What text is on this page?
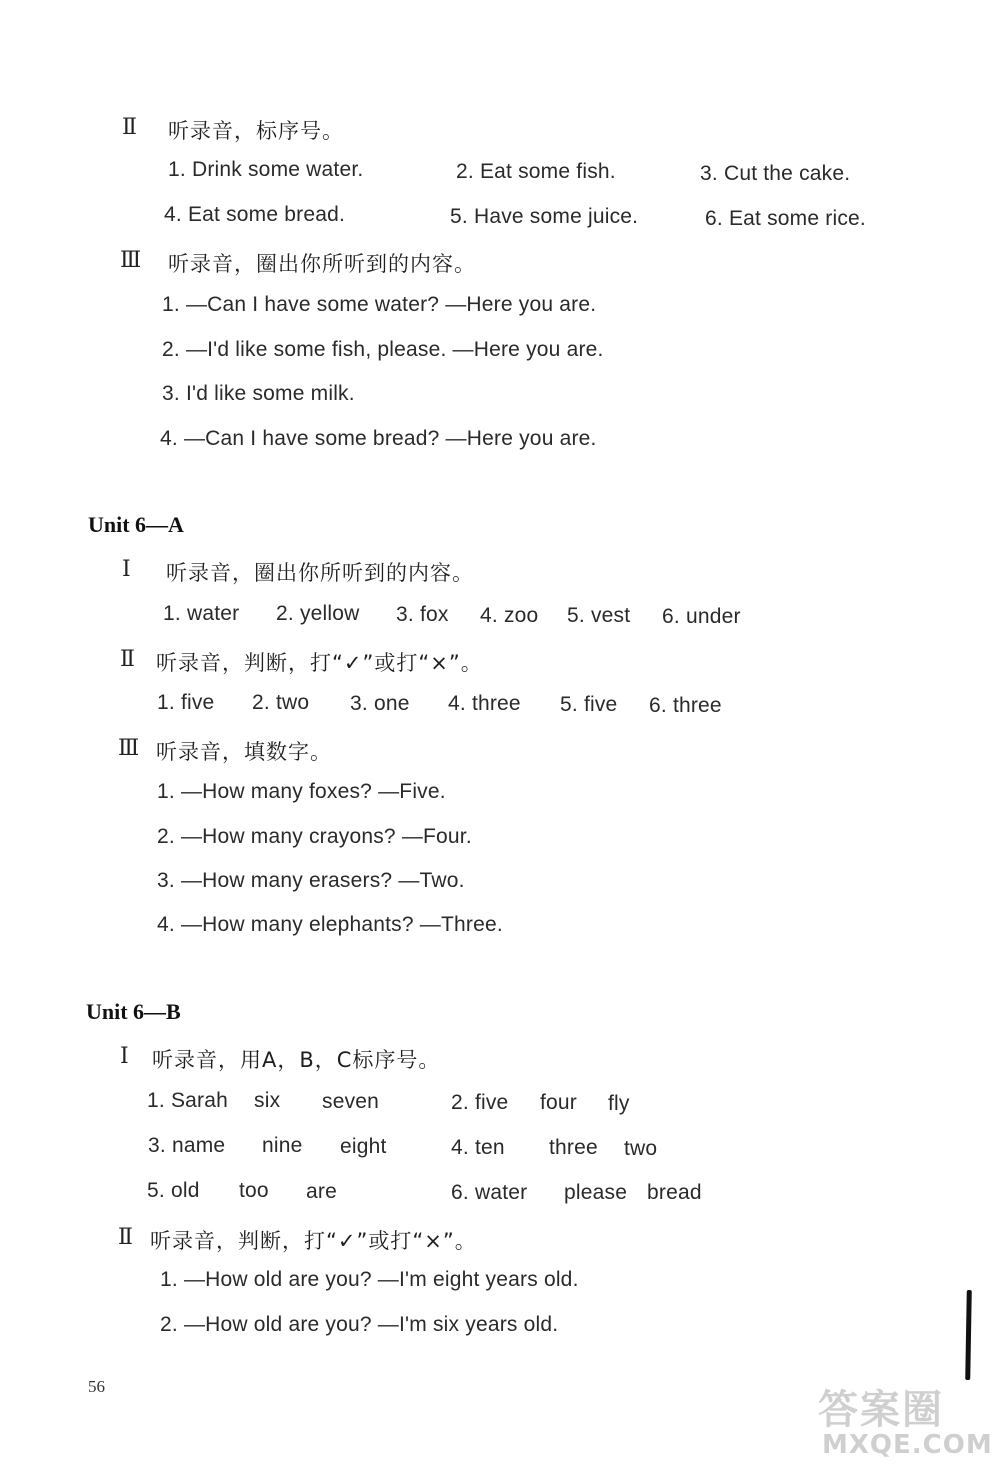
Ⅱ 听录音，标序号。
1. Drink some water.	2. Eat some fish.	3. Cut the cake.
4. Eat some bread.	5. Have some juice.	6. Eat some rice.
Ⅲ 听录音，圈出你所听到的内容。
1. —Can I have some water? —Here you are.
2. —I'd like some fish, please. —Here you are.
3. I'd like some milk.
4. —Can I have some bread? —Here you are.
Unit 6—A
Ⅰ 听录音，圈出你所听到的内容。
1. water 2. yellow 3. fox 4. zoo 5. vest 6. under
Ⅱ 听录音，判断，打“✓”或打“×”。
1. five 2. two 3. one 4. three 5. five 6. three
Ⅲ 听录音，填数字。
1. —How many foxes? —Five.
2. —How many crayons? —Four.
3. —How many erasers? —Two.
4. —How many elephants? —Three.
Unit 6—B
Ⅰ 听录音，用A，B，C标序号。
1. Sarah six seven	2. five four fly
3. name nine eight	4. ten three two
5. old too are	6. water please bread
Ⅱ 听录音，判断，打“✓”或打“×”。
1. —How old are you? —I'm eight years old.
2. —How old are you? —I'm six years old.
56
答案圈
MXQE.COM
